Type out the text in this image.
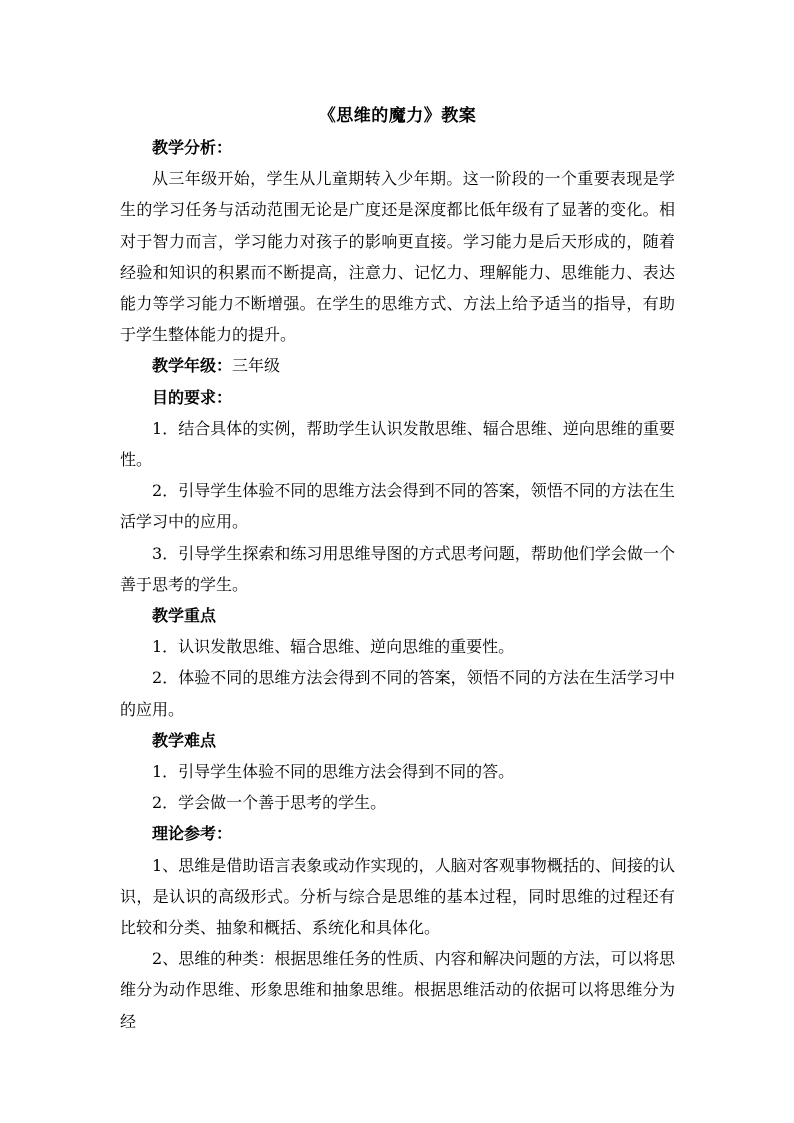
《思维的魔力》教案
教学分析：
从三年级开始，学生从儿童期转入少年期。这一阶段的一个重要表现是学生的学习任务与活动范围无论是广度还是深度都比低年级有了显著的变化。相对于智力而言，学习能力对孩子的影响更直接。学习能力是后天形成的，随着经验和知识的积累而不断提高，注意力、记忆力、理解能力、思维能力、表达能力等学习能力不断增强。在学生的思维方式、方法上给予适当的指导，有助于学生整体能力的提升。
教学年级：三年级
目的要求：
1．结合具体的实例，帮助学生认识发散思维、辐合思维、逆向思维的重要性。
2．引导学生体验不同的思维方法会得到不同的答案，领悟不同的方法在生活学习中的应用。
3．引导学生探索和练习用思维导图的方式思考问题，帮助他们学会做一个善于思考的学生。
教学重点
1．认识发散思维、辐合思维、逆向思维的重要性。
2．体验不同的思维方法会得到不同的答案，领悟不同的方法在生活学习中的应用。
教学难点
1．引导学生体验不同的思维方法会得到不同的答。
2．学会做一个善于思考的学生。
理论参考：
1、思维是借助语言表象或动作实现的，人脑对客观事物概括的、间接的认识，是认识的高级形式。分析与综合是思维的基本过程，同时思维的过程还有比较和分类、抽象和概括、系统化和具体化。
2、思维的种类：根据思维任务的性质、内容和解决问题的方法，可以将思维分为动作思维、形象思维和抽象思维。根据思维活动的依据可以将思维分为经
